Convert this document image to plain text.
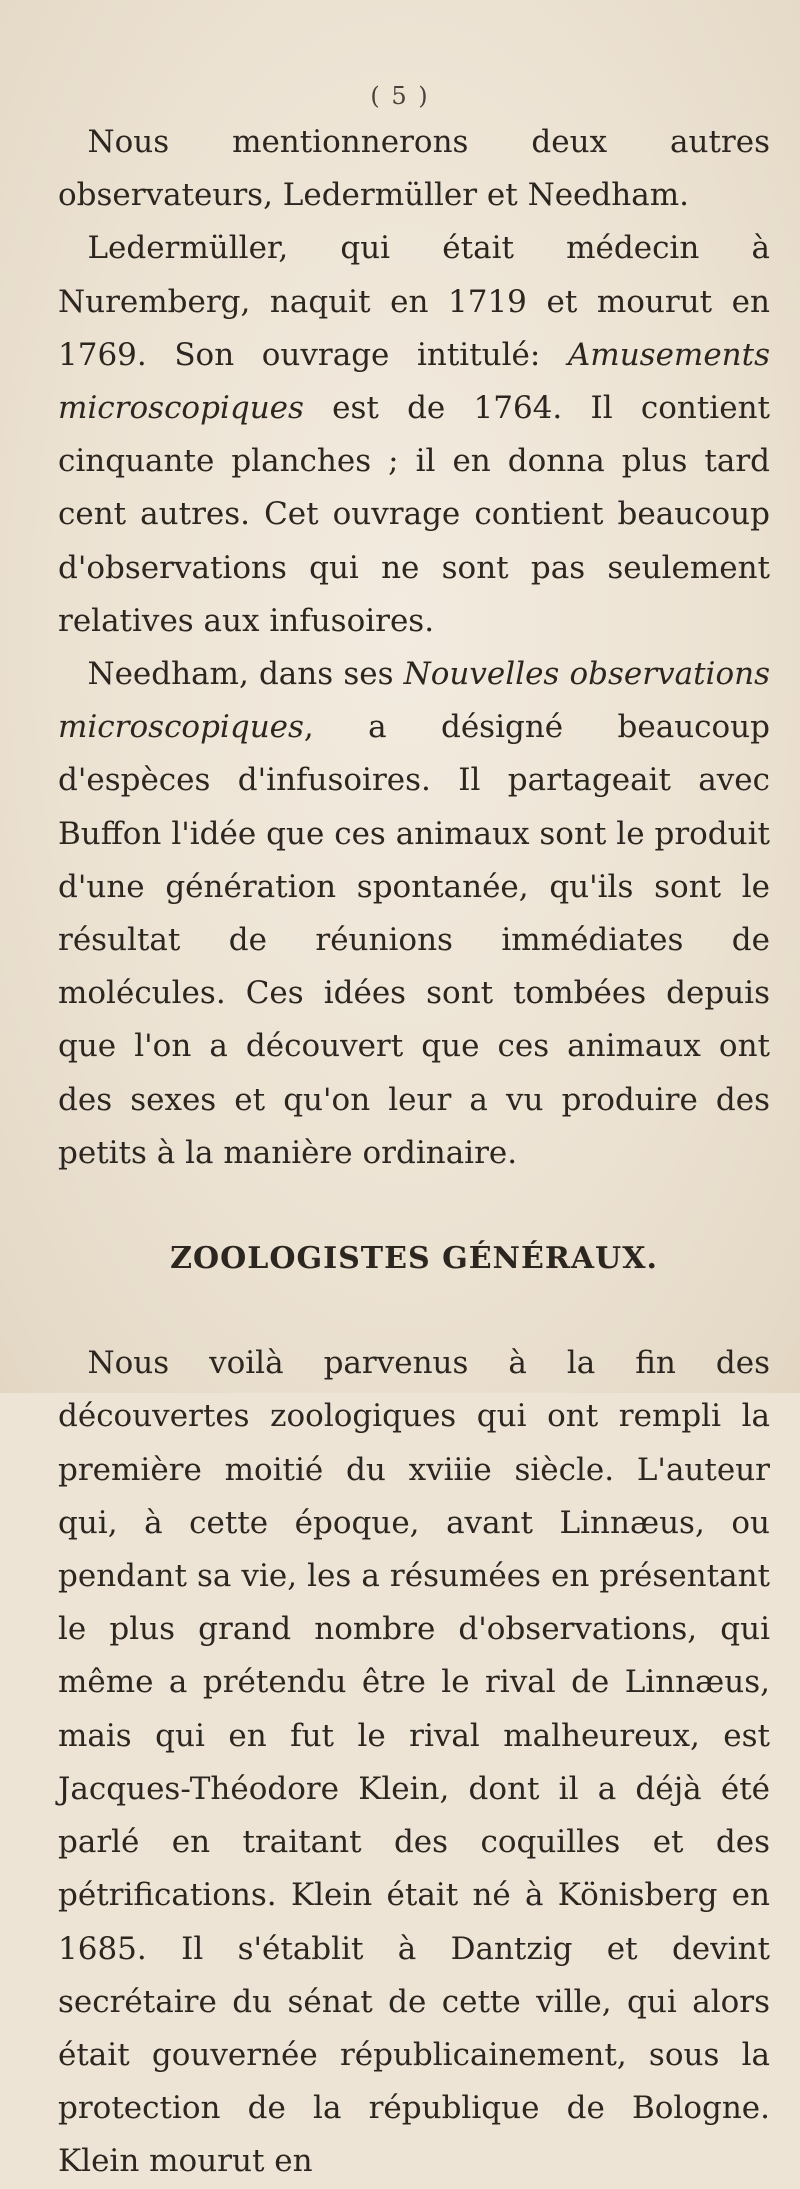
( 5 )

Nous mentionnerons deux autres observateurs, Ledermüller et Needham.

Ledermüller, qui était médecin à Nuremberg, naquit en 1719 et mourut en 1769. Son ouvrage intitulé: Amusements microscopiques est de 1764. Il contient cinquante planches ; il en donna plus tard cent autres. Cet ouvrage contient beaucoup d'observations qui ne sont pas seulement relatives aux infusoires.

Needham, dans ses Nouvelles observations microscopiques, a désigné beaucoup d'espèces d'infusoires. Il partageait avec Buffon l'idée que ces animaux sont le produit d'une génération spontanée, qu'ils sont le résultat de réunions immédiates de molécules. Ces idées sont tombées depuis que l'on a découvert que ces animaux ont des sexes et qu'on leur a vu produire des petits à la manière ordinaire.

ZOOLOGISTES GÉNÉRAUX.

Nous voilà parvenus à la fin des découvertes zoologiques qui ont rempli la première moitié du xviiie siècle. L'auteur qui, à cette époque, avant Linnæus, ou pendant sa vie, les a résumées en présentant le plus grand nombre d'observations, qui même a prétendu être le rival de Linnæus, mais qui en fut le rival malheureux, est Jacques-Théodore Klein, dont il a déjà été parlé en traitant des coquilles et des pétrifications. Klein était né à Könisberg en 1685. Il s'établit à Dantzig et devint secrétaire du sénat de cette ville, qui alors était gouvernée républicainement, sous la protection de la république de Bologne. Klein mourut en
